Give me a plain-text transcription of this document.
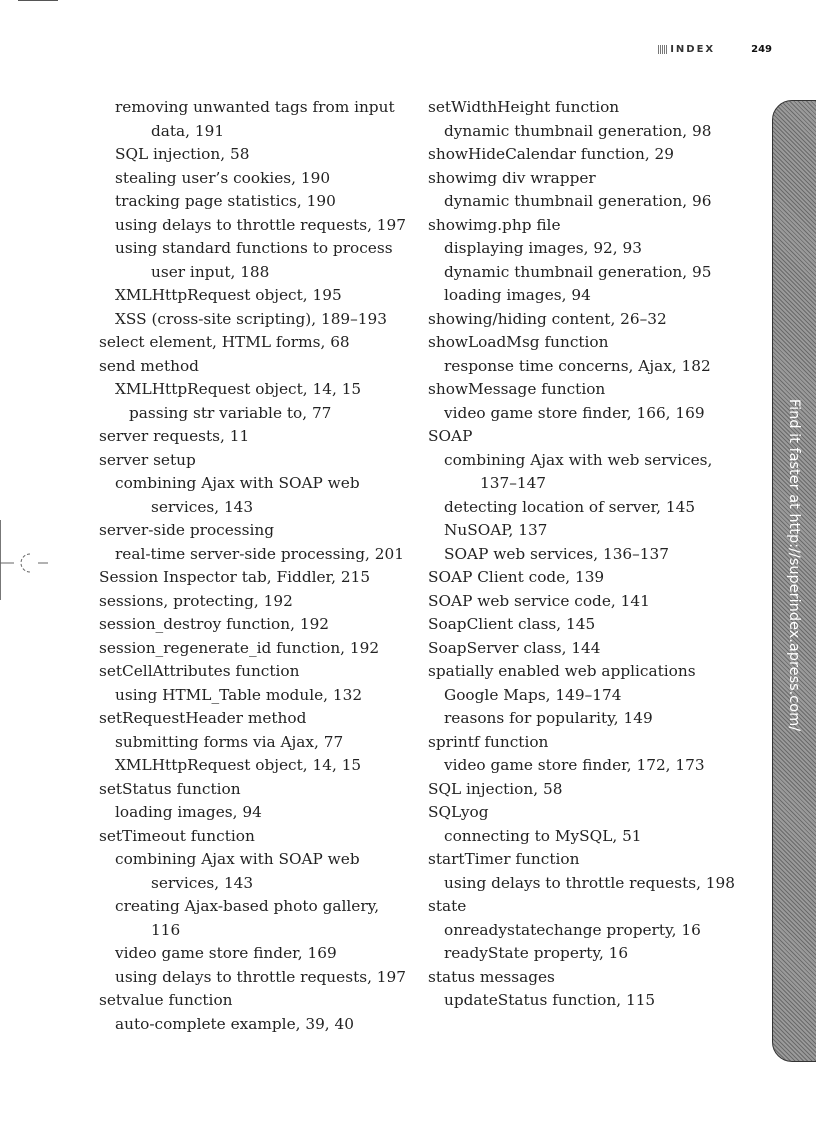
INDEX	249
removing unwanted tags from input
data, 191
SQL injection, 58
stealing user’s cookies, 190
tracking page statistics, 190
using delays to throttle requests, 197
using standard functions to process
user input, 188
XMLHttpRequest object, 195
XSS (cross-site scripting), 189–193
select element, HTML forms, 68
send method
XMLHttpRequest object, 14, 15
passing str variable to, 77
server requests, 11
server setup
combining Ajax with SOAP web
services, 143
server-side processing
real-time server-side processing, 201
Session Inspector tab, Fiddler, 215
sessions, protecting, 192
session_destroy function, 192
session_regenerate_id function, 192
setCellAttributes function
using HTML_Table module, 132
setRequestHeader method
submitting forms via Ajax, 77
XMLHttpRequest object, 14, 15
setStatus function
loading images, 94
setTimeout function
combining Ajax with SOAP web
services, 143
creating Ajax-based photo gallery,
116
video game store finder, 169
using delays to throttle requests, 197
setvalue function
auto-complete example, 39, 40
setWidthHeight function
dynamic thumbnail generation, 98
showHideCalendar function, 29
showimg div wrapper
dynamic thumbnail generation, 96
showimg.php file
displaying images, 92, 93
dynamic thumbnail generation, 95
loading images, 94
showing/hiding content, 26–32
showLoadMsg function
response time concerns, Ajax, 182
showMessage function
video game store finder, 166, 169
SOAP
combining Ajax with web services,
137–147
detecting location of server, 145
NuSOAP, 137
SOAP web services, 136–137
SOAP Client code, 139
SOAP web service code, 141
SoapClient class, 145
SoapServer class, 144
spatially enabled web applications
Google Maps, 149–174
reasons for popularity, 149
sprintf function
video game store finder, 172, 173
SQL injection, 58
SQLyog
connecting to MySQL, 51
startTimer function
using delays to throttle requests, 198
state
onreadystatechange property, 16
readyState property, 16
status messages
updateStatus function, 115
Find it faster at http://superindex.apress.com/
